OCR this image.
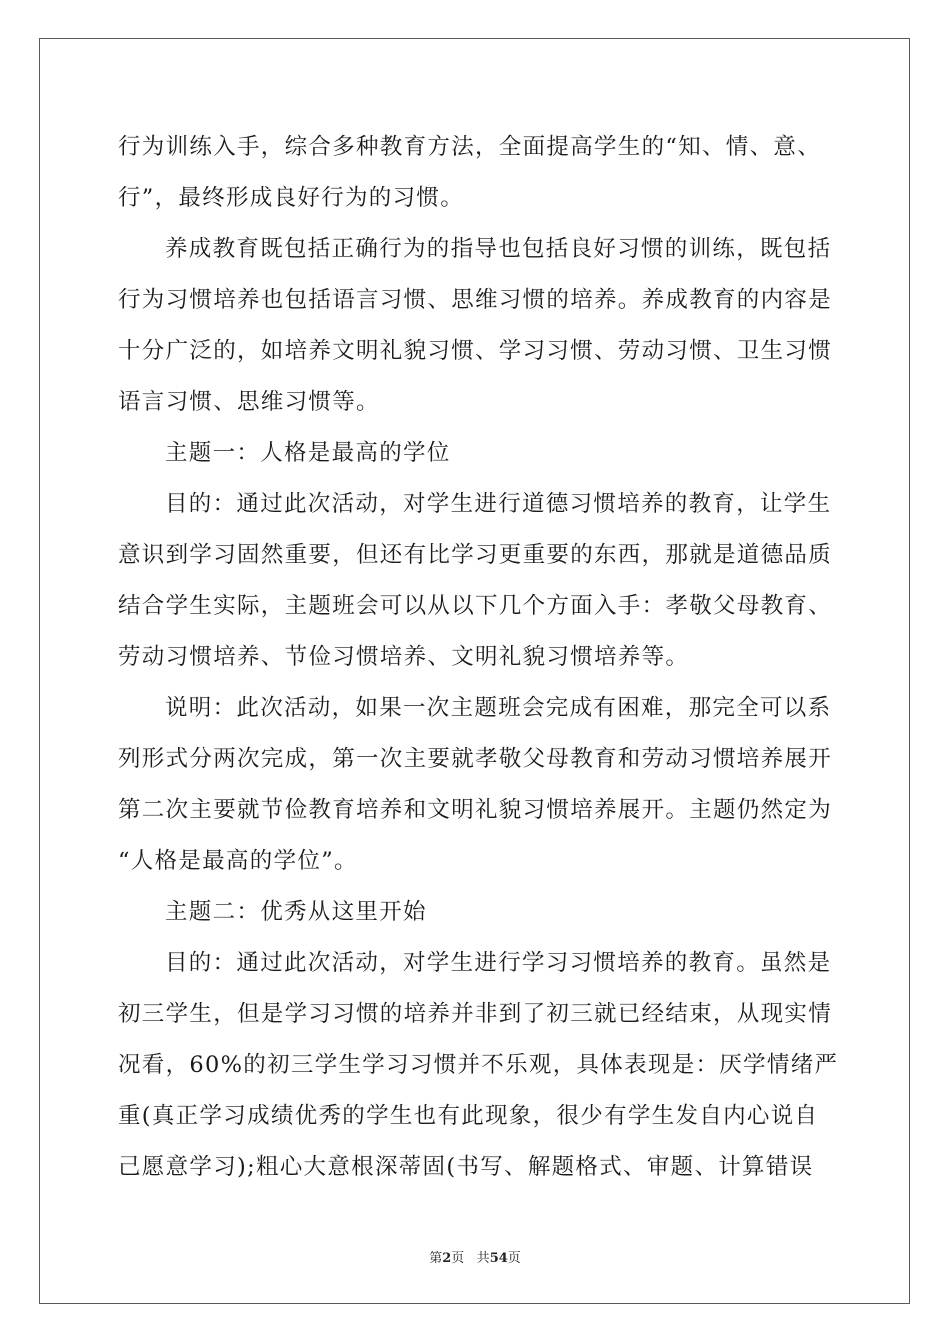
行为训练入手，综合多种教育方法，全面提高学生的“知、情、意、
行”，最终形成良好行为的习惯。
养成教育既包括正确行为的指导也包括良好习惯的训练，既包括
行为习惯培养也包括语言习惯、思维习惯的培养。养成教育的内容是
十分广泛的，如培养文明礼貌习惯、学习习惯、劳动习惯、卫生习惯
语言习惯、思维习惯等。
主题一：人格是最高的学位
目的：通过此次活动，对学生进行道德习惯培养的教育，让学生
意识到学习固然重要，但还有比学习更重要的东西，那就是道德品质
结合学生实际，主题班会可以从以下几个方面入手：孝敬父母教育、
劳动习惯培养、节俭习惯培养、文明礼貌习惯培养等。
说明：此次活动，如果一次主题班会完成有困难，那完全可以系
列形式分两次完成，第一次主要就孝敬父母教育和劳动习惯培养展开
第二次主要就节俭教育培养和文明礼貌习惯培养展开。主题仍然定为
“人格是最高的学位”。
主题二：优秀从这里开始
目的：通过此次活动，对学生进行学习习惯培养的教育。虽然是
初三学生，但是学习习惯的培养并非到了初三就已经结束，从现实情
况看，60%的初三学生学习习惯并不乐观，具体表现是：厌学情绪严
重(真正学习成绩优秀的学生也有此现象，很少有学生发自内心说自
己愿意学习);粗心大意根深蒂固(书写、解题格式、审题、计算错误
第2页 共54页
